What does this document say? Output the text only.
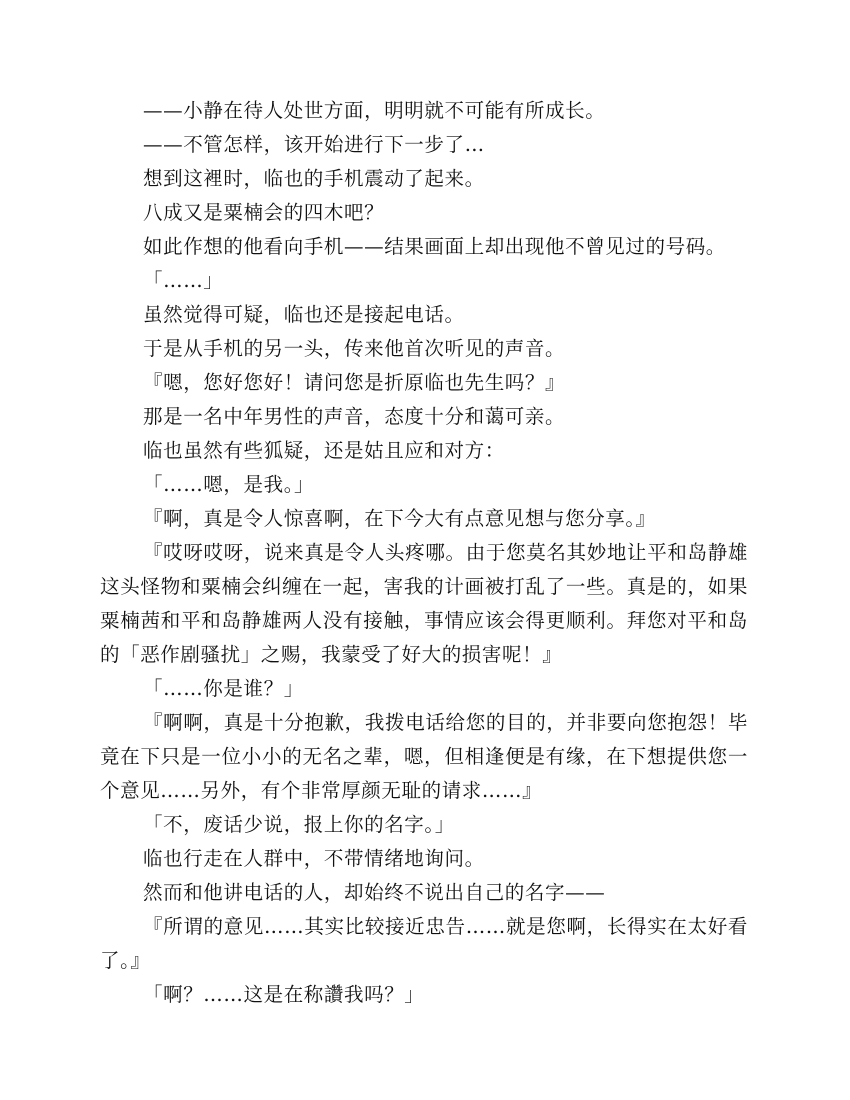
——小静在待人处世方面，明明就不可能有所成长。

——不管怎样，该开始进行下一步了…

想到这裡时，临也的手机震动了起来。

八成又是粟楠会的四木吧？

如此作想的他看向手机——结果画面上却出现他不曾见过的号码。

「……」

虽然觉得可疑，临也还是接起电话。

于是从手机的另一头，传来他首次听见的声音。

『嗯，您好您好！请问您是折原临也先生吗？』

那是一名中年男性的声音，态度十分和蔼可亲。

临也虽然有些狐疑，还是姑且应和对方：

「……嗯，是我。」

『啊，真是令人惊喜啊，在下今大有点意见想与您分享。』

『哎呀哎呀，说来真是令人头疼哪。由于您莫名其妙地让平和岛静雄这头怪物和粟楠会纠缠在一起，害我的计画被打乱了一些。真是的，如果粟楠茜和平和岛静雄两人没有接触，事情应该会得更顺利。拜您对平和岛的「恶作剧骚扰」之赐，我蒙受了好大的损害呢！』

「……你是谁？」

『啊啊，真是十分抱歉，我拨电话给您的目的，并非要向您抱怨！毕竟在下只是一位小小的无名之辈，嗯，但相逢便是有缘，在下想提供您一个意见……另外，有个非常厚颜无耻的请求……』

「不，废话少说，报上你的名字。」

临也行走在人群中，不带情绪地询问。

然而和他讲电话的人，却始终不说出自己的名字——

『所谓的意见……其实比较接近忠告……就是您啊，长得实在太好看了。』

「啊？……这是在称讚我吗？」
